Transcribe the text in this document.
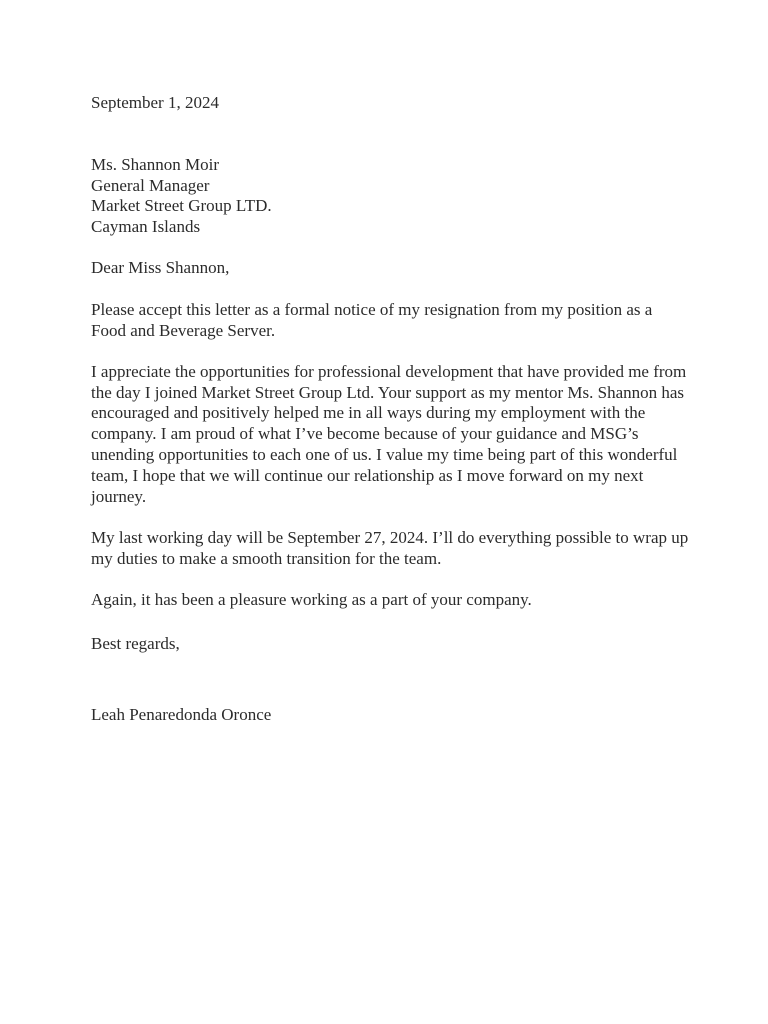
September 1, 2024

Ms. Shannon Moir

General Manager

Market Street Group LTD.

Cayman Islands

Dear Miss Shannon,

Please accept this letter as a formal notice of my resignation from my position as a Food and Beverage Server.

I appreciate the opportunities for professional development that have provided me from the day I joined Market Street Group Ltd. Your support as my mentor Ms. Shannon has encouraged and positively helped me in all ways during my employment with the company. I am proud of what I’ve become because of your guidance and MSG’s unending opportunities to each one of us. I value my time being part of this wonderful team, I hope that we will continue our relationship as I move forward on my next journey.

My last working day will be September 27, 2024. I’ll do everything possible to wrap up my duties to make a smooth transition for the team.

Again, it has been a pleasure working as a part of your company.

Best regards,

Leah Penaredonda Oronce
